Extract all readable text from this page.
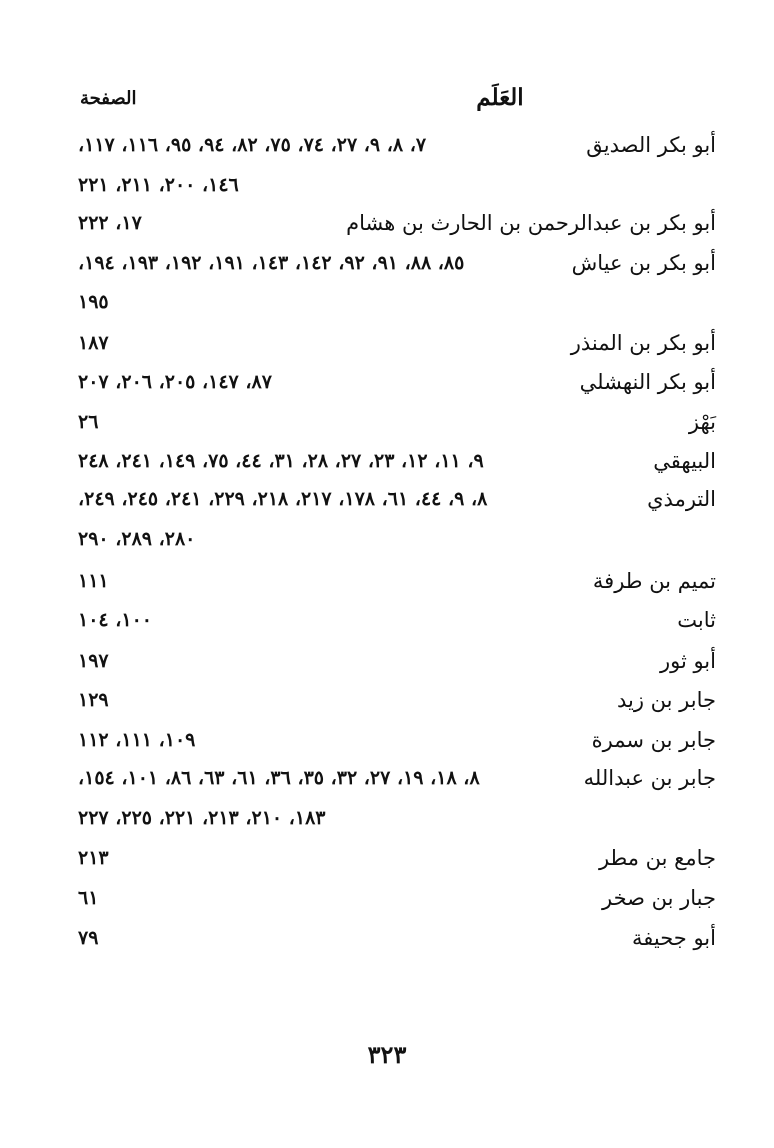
العَلَم
الصفحة
أبو بكر الصديق
٧، ٨، ٩، ٢٧، ٧٤، ٧٥، ٨٢، ٩٤، ٩٥، ١١٦، ١١٧،
١٤٦، ٢٠٠، ٢١١، ٢٢١
أبو بكر بن عبدالرحمن بن الحارث بن هشام
١٧، ٢٢٢
أبو بكر بن عياش
٨٥، ٨٨، ٩١، ٩٢، ١٤٢، ١٤٣، ١٩١، ١٩٢، ١٩٣، ١٩٤،
١٩٥
أبو بكر بن المنذر
١٨٧
أبو بكر النهشلي
٨٧، ١٤٧، ٢٠٥، ٢٠٦، ٢٠٧
بَهْز
٢٦
البيهقي
٩، ١١، ١٢، ٢٣، ٢٧، ٢٨، ٣١، ٤٤، ٧٥، ١٤٩، ٢٤١، ٢٤٨
الترمذي
٨، ٩، ٤٤، ٦١، ١٧٨، ٢١٧، ٢١٨، ٢٢٩، ٢٤١، ٢٤٥، ٢٤٩،
٢٨٠، ٢٨٩، ٢٩٠
تميم بن طرفة
١١١
ثابت
١٠٠، ١٠٤
أبو ثور
١٩٧
جابر بن زيد
١٢٩
جابر بن سمرة
١٠٩، ١١١، ١١٢
جابر بن عبدالله
٨، ١٨، ١٩، ٢٧، ٣٢، ٣٥، ٣٦، ٦١، ٦٣، ٨٦، ١٠١، ١٥٤،
١٨٣، ٢١٠، ٢١٣، ٢٢١، ٢٢٥، ٢٢٧
جامع بن مطر
٢١٣
جبار بن صخر
٦١
أبو جحيفة
٧٩
٣٢٣
